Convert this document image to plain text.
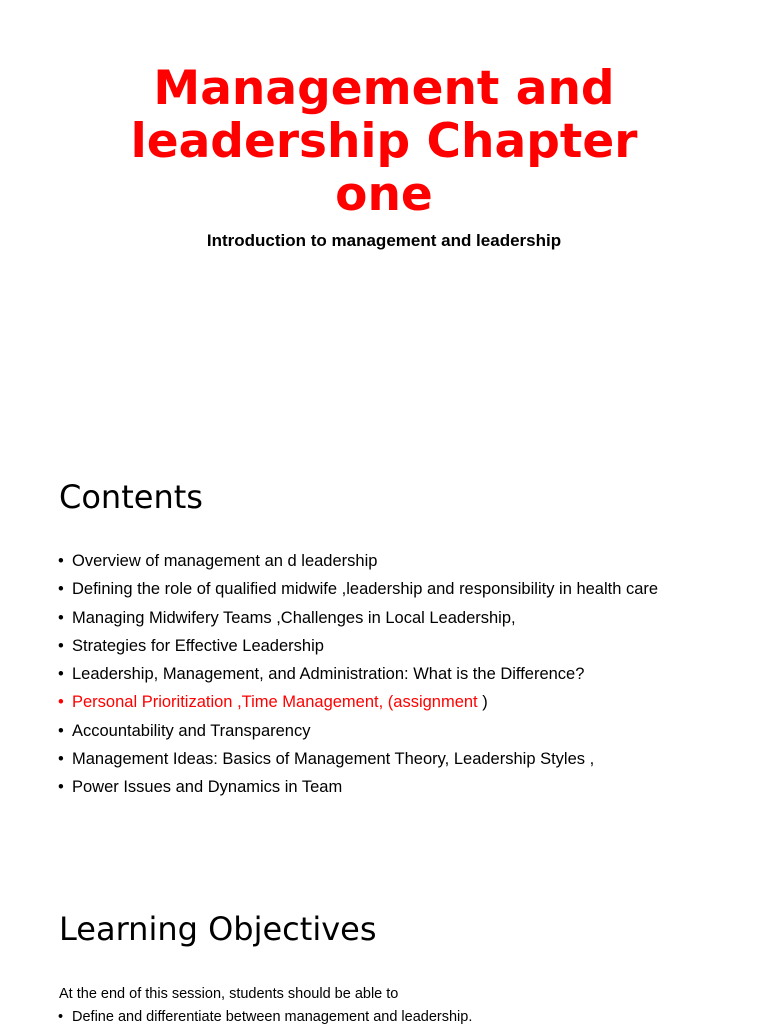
Management and leadership Chapter one

Introduction to management and leadership

Contents
• Overview of management an d leadership
• Defining the role of qualified midwife ,leadership and responsibility in health care
• Managing Midwifery Teams ,Challenges in Local Leadership,
• Strategies for Effective Leadership
• Leadership, Management, and Administration: What is the Difference?
• Personal Prioritization ,Time Management, (assignment )
• Accountability and Transparency
• Management Ideas: Basics of Management Theory, Leadership Styles ,
• Power Issues and Dynamics in Team
Learning Objectives

At the end of this session, students should be able to

• Define and differentiate between management and leadership.
